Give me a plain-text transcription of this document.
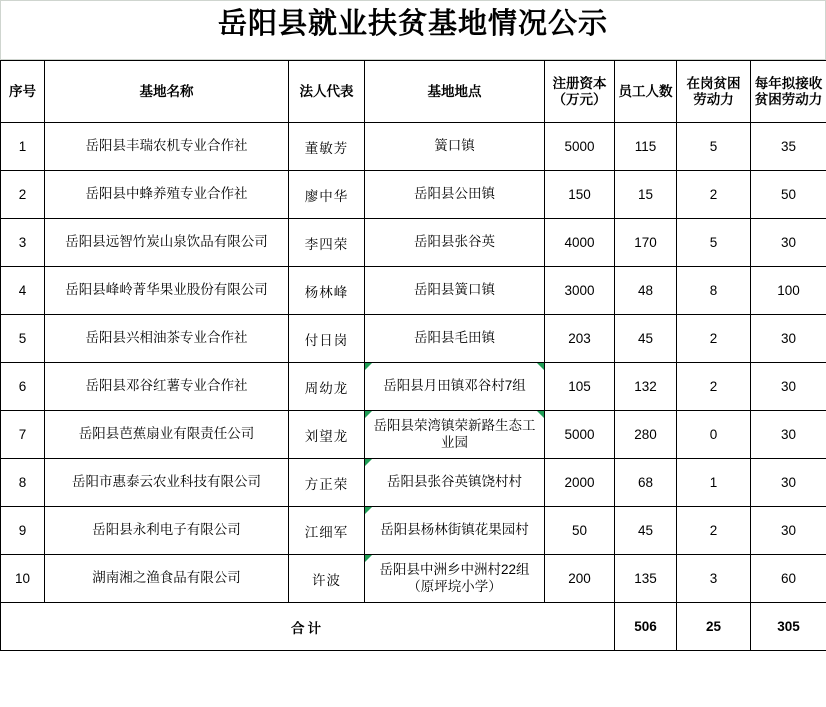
岳阳县就业扶贫基地情况公示
序号	基地名称	法人代表	基地地点	注册资本（万元）	员工人数	在岗贫困劳动力	每年拟接收贫困劳动力
1	岳阳县丰瑞农机专业合作社	董敏芳	簧口镇	5000	115	5	35
2	岳阳县中蜂养殖专业合作社	廖中华	岳阳县公田镇	150	15	2	50
3	岳阳县远智竹炭山泉饮品有限公司	李四荣	岳阳县张谷英	4000	170	5	30
4	岳阳县峰岭菁华果业股份有限公司	杨林峰	岳阳县簧口镇	3000	48	8	100
5	岳阳县兴相油茶专业合作社	付日岗	岳阳县毛田镇	203	45	2	30
6	岳阳县邓谷红薯专业合作社	周幼龙	岳阳县月田镇邓谷村7组	105	132	2	30
7	岳阳县芭蕉扇业有限责任公司	刘望龙	岳阳县荣湾镇荣新路生态工业园	5000	280	0	30
8	岳阳市惠泰云农业科技有限公司	方正荣	岳阳县张谷英镇饶村村	2000	68	1	30
9	岳阳县永利电子有限公司	江细军	岳阳县杨林街镇花果园村	50	45	2	30
10	湖南湘之渔食品有限公司	许波	岳阳县中洲乡中洲村22组（原坪垸小学）	200	135	3	60
合计					506	25	305
